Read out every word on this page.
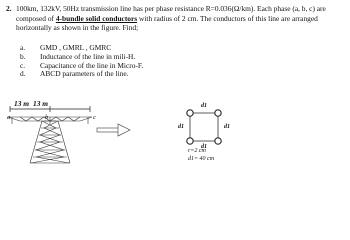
2. 100km, 132kV, 50Hz transmission line has per phase resistance R=0.036(Ω/km). Each phase (a, b, c) are
composed of 4-bundle solid conductors with radius of 2 cm. The conductors of this line are arranged
horizontally as shown in the figure. Find;
a.	GMD , GMRL , GMRC
b.	Inductance of the line in mili-H.
c.	Capacitance of the line in Micro-F.
d.	ABCD parameters of the line.
13 m 13 m
a	b	c
d1
d1	d1
d1
r=2 cm
d1= 40 cm
